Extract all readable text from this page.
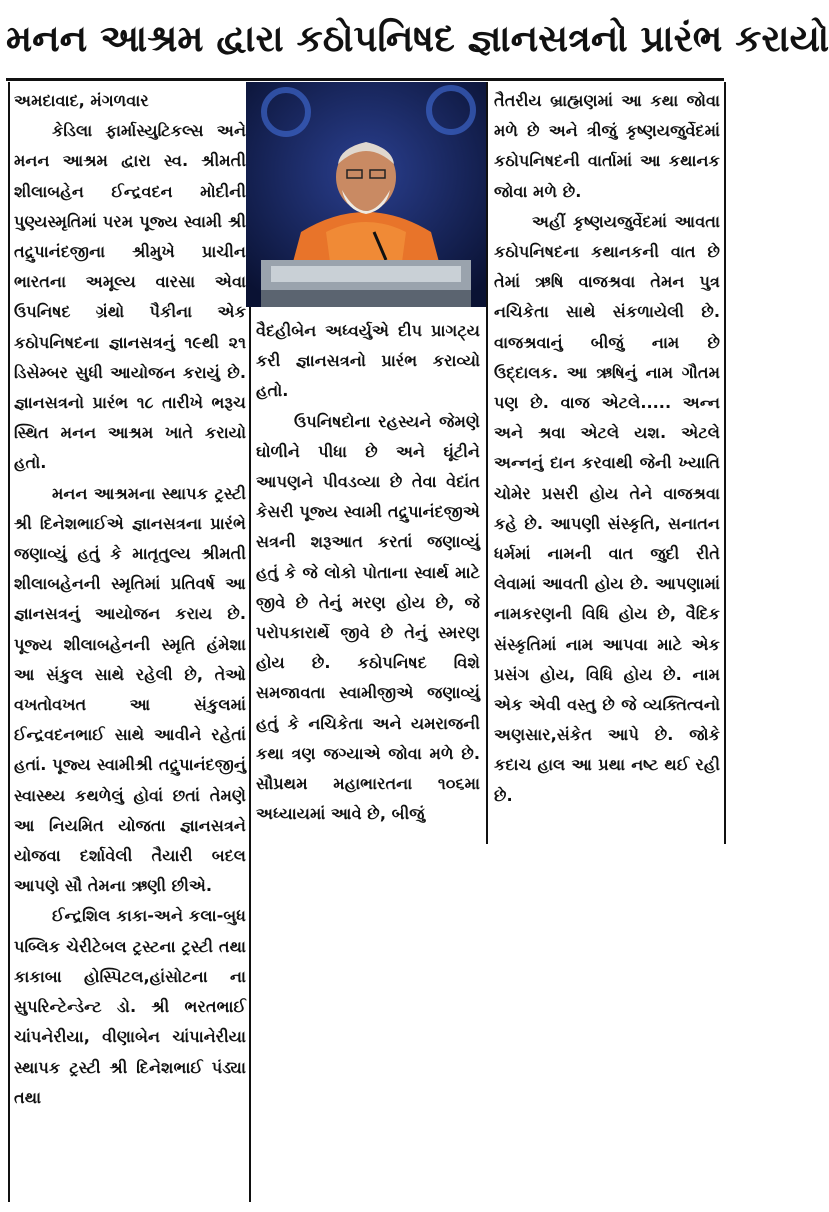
મનન આશ્રમ દ્વારા કઠોપનિષદ જ્ઞાનસત્રનો પ્રારંભ કરાયો

અમદાવાદ, મંગળવાર

કેડિલા ફાર્માસ્યુટિકલ્સ અને મનન આશ્રમ દ્વારા સ્વ. શ્રીમતી શીલાબહેન ઈન્દ્રવદન મોદીની પુણ્યસ્મૃતિમાં પરમ પૂજ્ય સ્વામી શ્રી તદ્રુપાનંદજીના શ્રીમુખે પ્રાચીન ભારતના અમૂલ્ય વારસા એવા ઉપનિષદ ગ્રંથો પૈકીના એક કઠોપનિષદના જ્ઞાનસત્રનું ૧૯થી ૨૧ ડિસેમ્બર સુધી આયોજન કરાયું છે. જ્ઞાનસત્રનો પ્રારંભ ૧૮ તારીખે ભરૂચ સ્થિત મનન આશ્રમ ખાતે કરાયો હતો.

મનન આશ્રમના સ્થાપક ટ્રસ્ટી શ્રી દિનેશભાઈએ જ્ઞાનસત્રના પ્રારંભે જણાવ્યું હતું કે માતૃતુલ્ય શ્રીમતી શીલાબહેનની સ્મૃતિમાં પ્રતિવર્ષ આ જ્ઞાનસત્રનું આયોજન કરાય છે. પૂજ્ય શીલાબહેનની સ્મૃતિ હંમેશા આ સંકુલ સાથે રહેલી છે, તેઓ વખતોવખત આ સંકુલમાં ઈન્દ્રવદનભાઈ સાથે આવીને રહેતાં હતાં. પૂજ્ય સ્વામીશ્રી તદ્રુપાનંદજીનું સ્વાસ્થ્ય કથળેલું હોવાં છતાં તેમણે આ નિયમિત યોજતા જ્ઞાનસત્રને યોજવા દર્શાવેલી તૈયારી બદલ આપણે સૌ તેમના ઋણી છીએ.

ઈન્દ્રશિલ કાકા-અને કલા-બુધ પબ્લિક ચેરીટેબલ ટ્રસ્ટના ટ્રસ્ટી તથા કાકાબા હોસ્પિટલ,હાંસોટના ના સુપરિન્ટેન્ડેન્ટ ડો. શ્રી ભરતભાઈ ચાંપનેરીયા, વીણાબેન ચાંપાનેરીયા સ્થાપક ટ્રસ્ટી શ્રી દિનેશભાઈ પંડ્યા તથા

વૈદહીબેન અધ્વર્યુએ દીપ પ્રાગટ્ય કરી જ્ઞાનસત્રનો પ્રારંભ કરાવ્યો હતો.

ઉપનિષદોના રહસ્યને જેમણે ઘોળીને પીધા છે અને ઘૂંટીને આપણને પીવડવ્યા છે તેવા વેદાંત કેસરી પૂજ્ય સ્વામી તદ્રુપાનંદજીએ સત્રની શરૂઆત કરતાં જણાવ્યું હતું કે જે લોકો પોતાના સ્વાર્થ માટે જીવે છે તેનું મરણ હોય છે, જે પરોપકારાર્થે જીવે છે તેનું સ્મરણ હોય છે. કઠોપનિષદ વિશે સમજાવતા સ્વામીજીએ જણાવ્યું હતું કે નચિકેતા અને યમરાજની કથા ત્રણ જગ્યાએ જોવા મળે છે. સૌપ્રથમ મહાભારતના ૧૦૬મા અધ્યાયમાં આવે છે, બીજું

તૈતરીય બ્રાહ્મણમાં આ કથા જોવા મળે છે અને ત્રીજું કૃષ્ણયજુર્વેદમાં કઠોપનિષદની વાર્તામાં આ કથાનક જોવા મળે છે.

અહીં કૃષ્ણયજુર્વેદમાં આવતા કઠોપનિષદના કથાનકની વાત છે તેમાં ઋષિ વાજશ્રવા તેમન પુત્ર નચિકેતા સાથે સંકળાયેલી છે. વાજશ્રવાનું બીજું નામ છે ઉદ્દાલક. આ ઋષિનું નામ ગૌતમ પણ છે. વાજ એટલે..... અન્ન અને શ્રવા એટલે યશ. એટલે અન્નનું દાન કરવાથી જેની ખ્યાતિ ચોમેર પ્રસરી હોય તેને વાજશ્રવા કહે છે. આપણી સંસ્કૃતિ, સનાતન ધર્મમાં નામની વાત જુદી રીતે લેવામાં આવતી હોય છે. આપણામાં નામકરણની વિધિ હોય છે, વૈદિક સંસ્કૃતિમાં નામ આપવા માટે એક પ્રસંગ હોય, વિધિ હોય છે. નામ એક એવી વસ્તુ છે જે વ્યક્તિત્વનો અણસાર,સંકેત આપે છે. જોકે કદાચ હાલ આ પ્રથા નષ્ટ થઈ રહી છે.
